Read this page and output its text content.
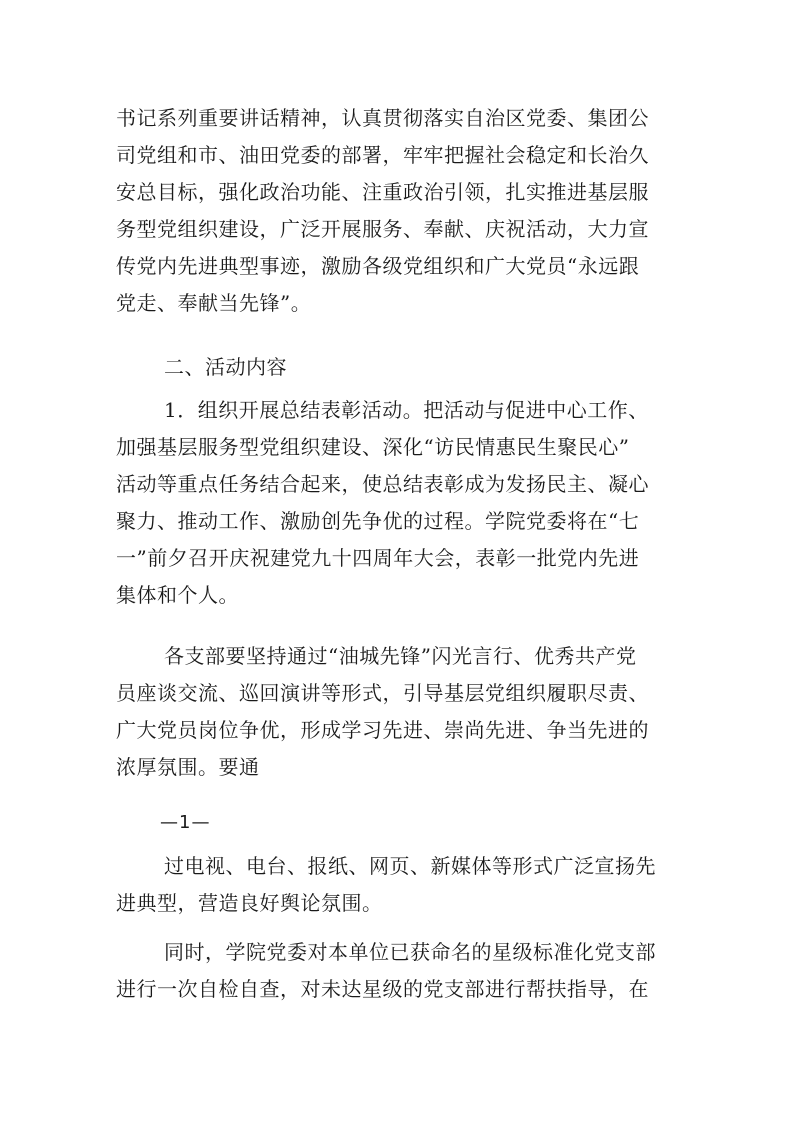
书记系列重要讲话精神，认真贯彻落实自治区党委、集团公
司党组和市、油田党委的部署，牢牢把握社会稳定和长治久
安总目标，强化政治功能、注重政治引领，扎实推进基层服
务型党组织建设，广泛开展服务、奉献、庆祝活动，大力宣
传党内先进典型事迹，激励各级党组织和广大党员“永远跟
党走、奉献当先锋”。
二、活动内容
1．组织开展总结表彰活动。把活动与促进中心工作、
加强基层服务型党组织建设、深化“访民情惠民生聚民心”
活动等重点任务结合起来，使总结表彰成为发扬民主、凝心
聚力、推动工作、激励创先争优的过程。学院党委将在“七
一”前夕召开庆祝建党九十四周年大会，表彰一批党内先进
集体和个人。
各支部要坚持通过“油城先锋”闪光言行、优秀共产党
员座谈交流、巡回演讲等形式，引导基层党组织履职尽责、
广大党员岗位争优，形成学习先进、崇尚先进、争当先进的
浓厚氛围。要通
—1—
过电视、电台、报纸、网页、新媒体等形式广泛宣扬先
进典型，营造良好舆论氛围。
同时，学院党委对本单位已获命名的星级标准化党支部
进行一次自检自查，对未达星级的党支部进行帮扶指导，在
